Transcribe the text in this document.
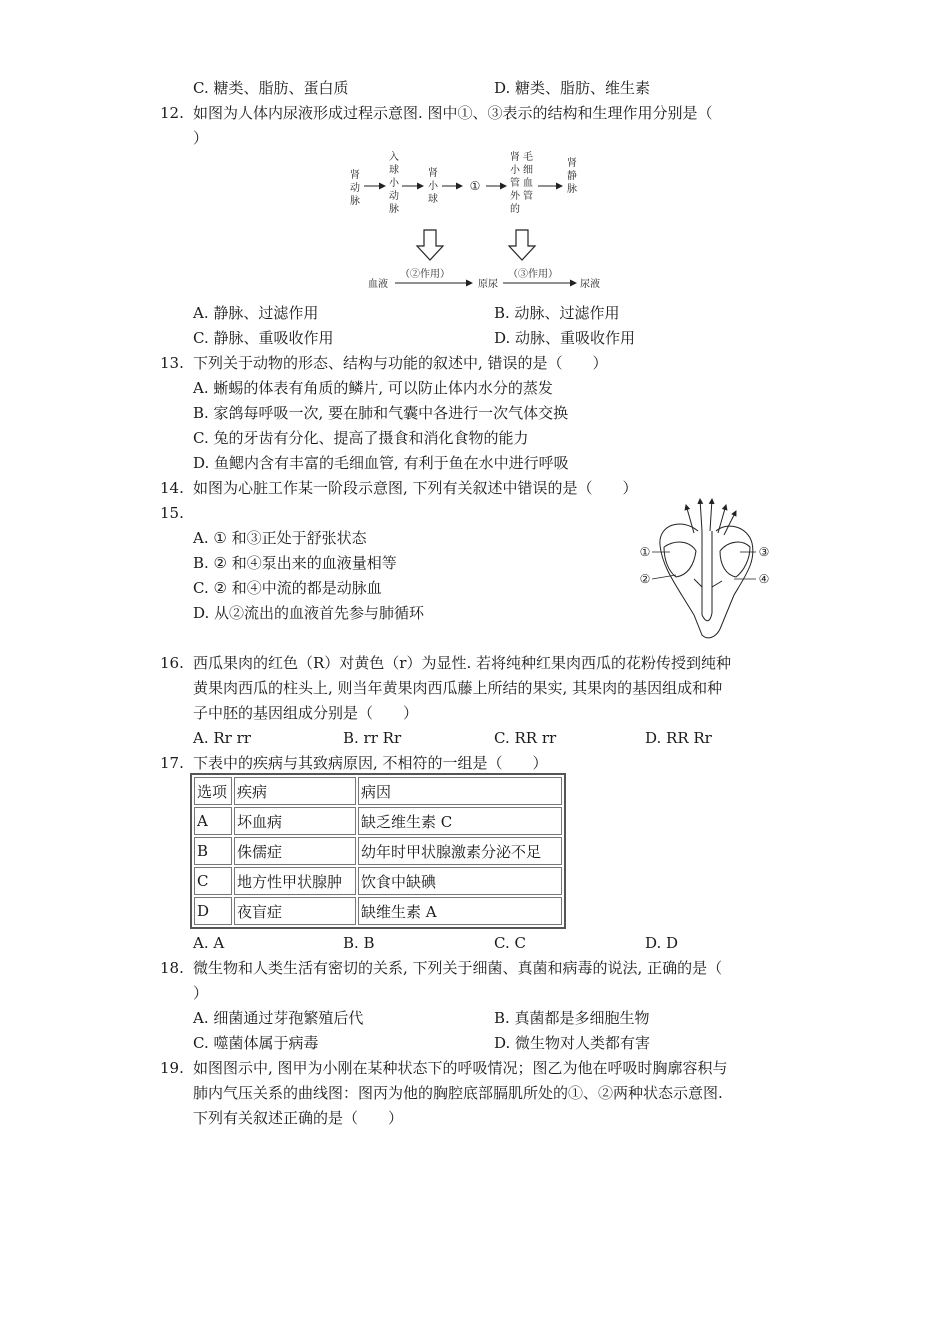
C. 糖类、脂肪、蛋白质	D. 糖类、脂肪、维生素
12. 如图为人体内尿液形成过程示意图. 图中①、③表示的结构和生理作用分别是（
）
肾
动
脉
入
球
小
动
脉
肾
小
球
①
肾
小
管
外
的
毛
细
血
管
肾
静
脉
血液
（②作用）
原尿
（③作用）
尿液
A. 静脉、过滤作用	B. 动脉、过滤作用
C. 静脉、重吸收作用	D. 动脉、重吸收作用
13. 下列关于动物的形态、结构与功能的叙述中, 错误的是（　　）
A. 蜥蜴的体表有角质的鳞片, 可以防止体内水分的蒸发
B. 家鸽每呼吸一次, 要在肺和气囊中各进行一次气体交换
C. 兔的牙齿有分化、提高了摄食和消化食物的能力
D. 鱼鳃内含有丰富的毛细血管, 有利于鱼在水中进行呼吸
14. 如图为心脏工作某一阶段示意图, 下列有关叙述中错误的是（　　）
15.
A. ① 和③正处于舒张状态
B. ② 和④泵出来的血液量相等
C. ② 和④中流的都是动脉血
D. 从②流出的血液首先参与肺循环
①
②
③
④
16. 西瓜果肉的红色（R）对黄色（r）为显性. 若将纯种红果肉西瓜的花粉传授到纯种
黄果肉西瓜的柱头上, 则当年黄果肉西瓜藤上所结的果实, 其果肉的基因组成和种
子中胚的基因组成分别是（　　）
A. Rr rr	B. rr Rr	C. RR rr	D. RR Rr
17. 下表中的疾病与其致病原因, 不相符的一组是（　　）
选项	疾病	病因
A	坏血病	缺乏维生素 C
B	侏儒症	幼年时甲状腺激素分泌不足
C	地方性甲状腺肿	饮食中缺碘
D	夜盲症	缺维生素 A
A. A	B. B	C. C	D. D
18. 微生物和人类生活有密切的关系, 下列关于细菌、真菌和病毒的说法, 正确的是（
）
A. 细菌通过芽孢繁殖后代	B. 真菌都是多细胞生物
C. 噬菌体属于病毒	D. 微生物对人类都有害
19. 如图图示中, 图甲为小刚在某种状态下的呼吸情况；图乙为他在呼吸时胸廓容积与
肺内气压关系的曲线图：图丙为他的胸腔底部膈肌所处的①、②两种状态示意图.
下列有关叙述正确的是（　　）
